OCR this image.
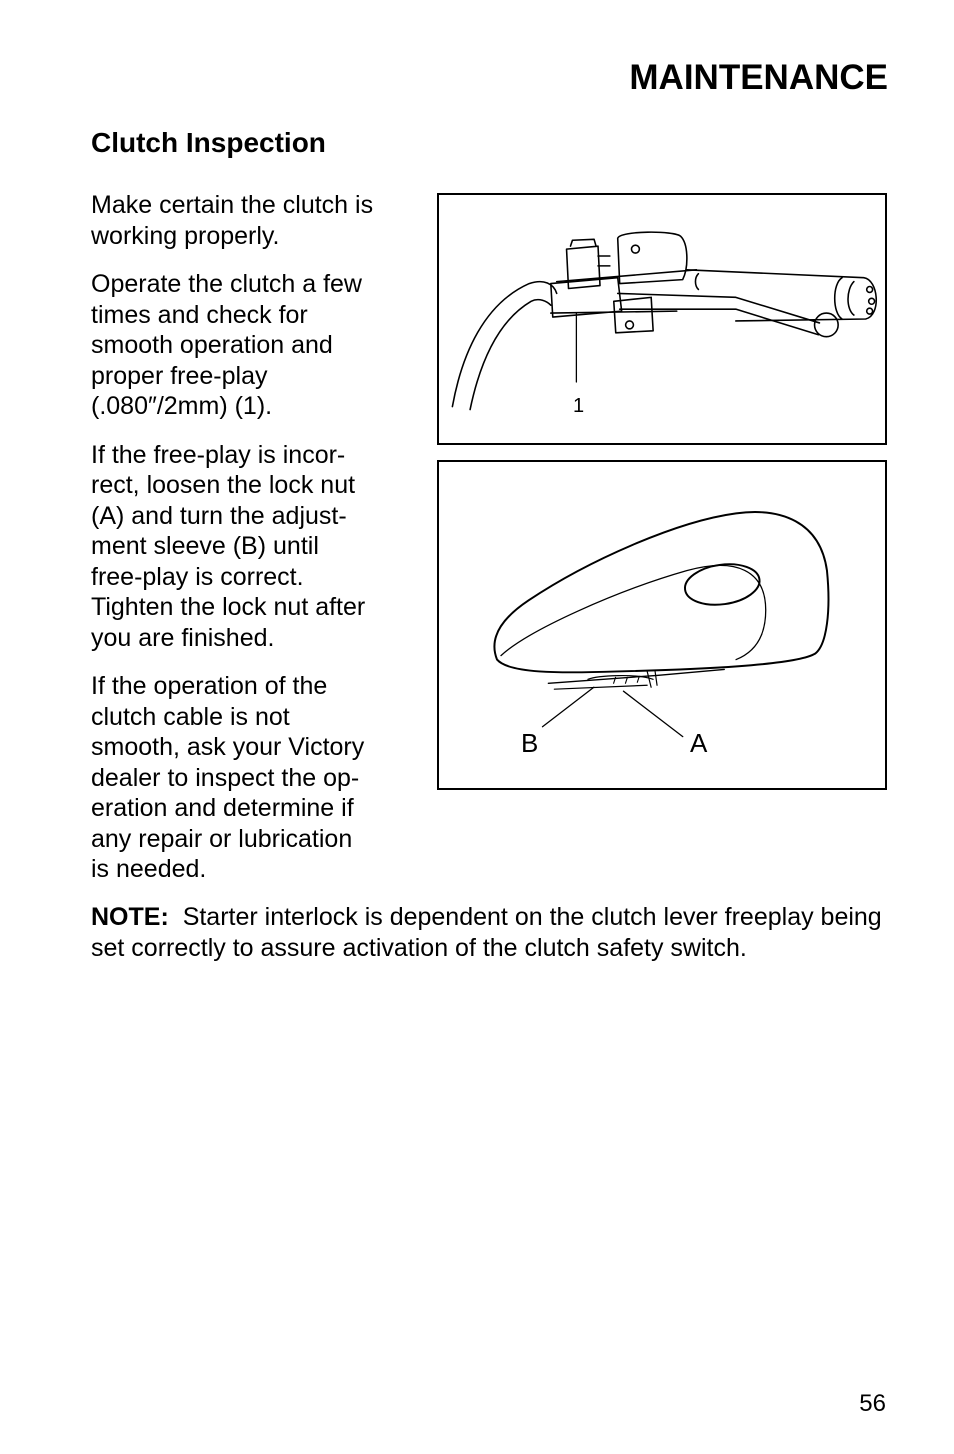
MAINTENANCE
Clutch Inspection

Make certain the clutch is
working properly.

Operate the clutch a few
times and check for
smooth operation and
proper free-play
(.080″/2mm) (1).

If the free-play is incor-
rect, loosen the lock nut
(A) and turn the adjust-
ment sleeve (B) until
free-play is correct.
Tighten the lock nut after
you are finished.

If the operation of the
clutch cable is not
smooth, ask your Victory
dealer to inspect the op-
eration and determine if
any repair or lubrication
is needed.

1
B	A

NOTE: Starter interlock is dependent on the clutch lever freeplay being set correctly to assure activation of the clutch safety switch.

56
